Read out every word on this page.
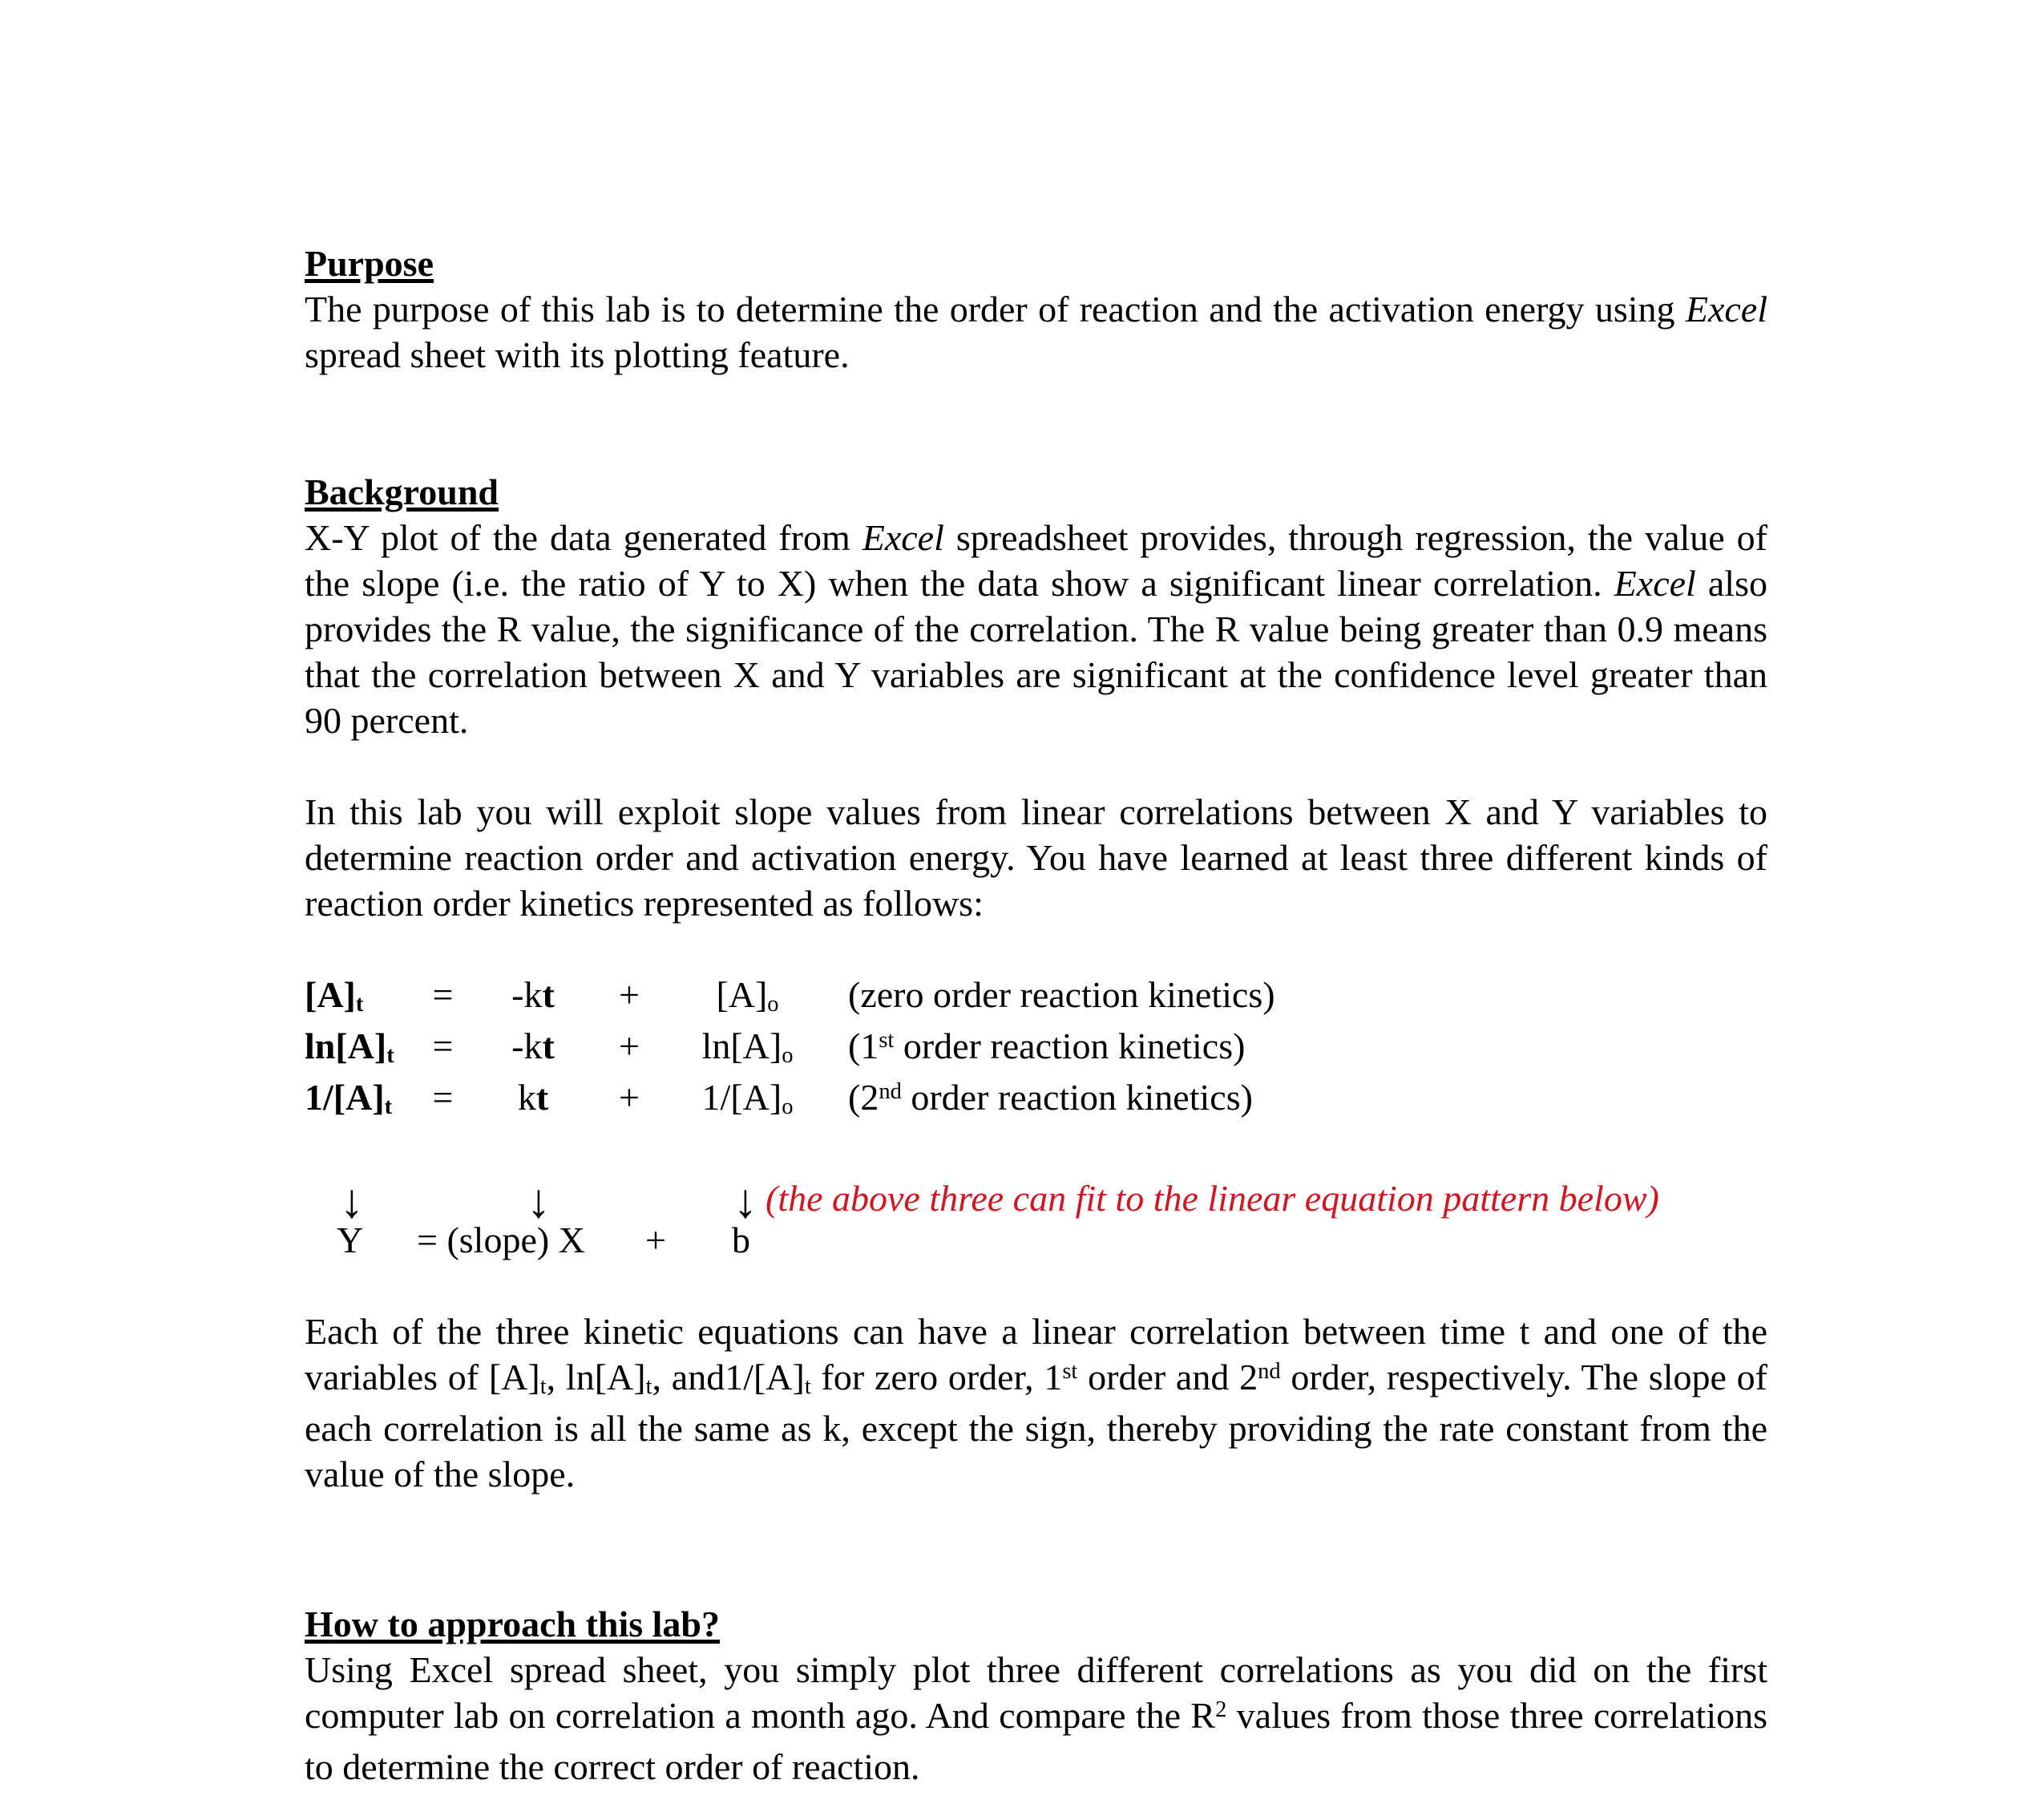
Purpose

The purpose of this lab is to determine the order of reaction and the activation energy using Excel spread sheet with its plotting feature.

Background

X-Y plot of the data generated from Excel spreadsheet provides, through regression, the value of the slope (i.e. the ratio of Y to X) when the data show a significant linear correlation. Excel also provides the R value, the significance of the correlation. The R value being greater than 0.9 means that the correlation between X and Y variables are significant at the confidence level greater than 90 percent.

In this lab you will exploit slope values from linear correlations between X and Y variables to determine reaction order and activation energy. You have learned at least three different kinds of reaction order kinetics represented as follows:

[A]t	=	-kt	+	[A]o	(zero order reaction kinetics)
ln[A]t	=	-kt	+	ln[A]o	(1st order reaction kinetics)
1/[A]t	=	kt	+	1/[A]o	(2nd order reaction kinetics)
↓	↓	↓ (the above three can fit to the linear equation pattern below)
Y = (slope) X + b

Each of the three kinetic equations can have a linear correlation between time t and one of the variables of [A]t, ln[A]t, and1/[A]t for zero order, 1st order and 2nd order, respectively. The slope of each correlation is all the same as k, except the sign, thereby providing the rate constant from the value of the slope.

How to approach this lab?

Using Excel spread sheet, you simply plot three different correlations as you did on the first computer lab on correlation a month ago. And compare the $R^2$ values from those three correlations to determine the correct order of reaction.
